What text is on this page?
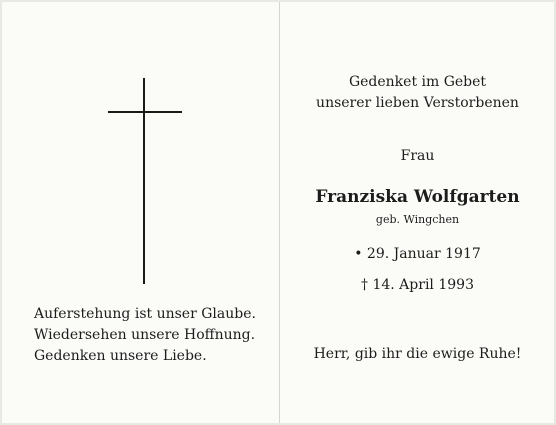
Auferstehung ist unser Glaube.
Wiedersehen unsere Hoffnung.
Gedenken unsere Liebe.
Gedenket im Gebet
unserer lieben Verstorbenen
Frau
Franziska Wolfgarten
geb. Wingchen
• 29. Januar 1917
† 14. April 1993
Herr, gib ihr die ewige Ruhe!
